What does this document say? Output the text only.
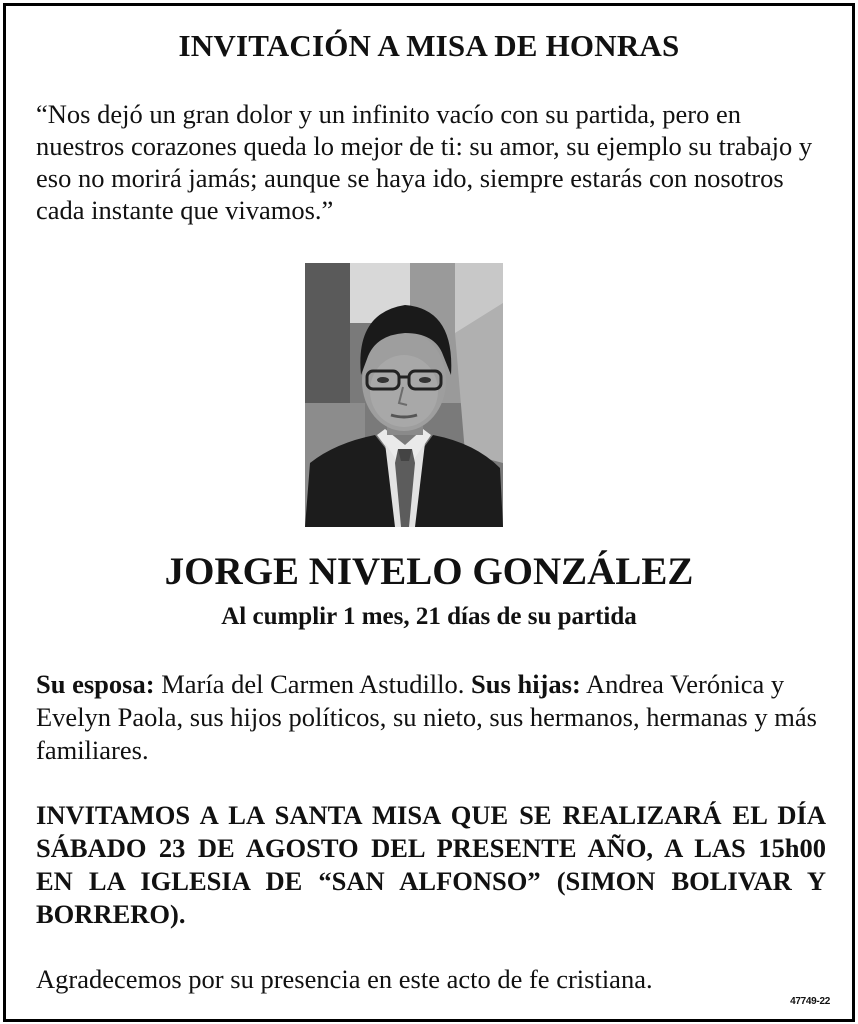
INVITACIÓN A MISA DE HONRAS

“Nos dejó un gran dolor y un infinito vacío con su partida, pero en nuestros corazones queda lo mejor de ti: su amor, su ejemplo su trabajo y eso no morirá jamás; aunque se haya ido, siempre estarás con nosotros cada instante que vivamos.”

JORGE NIVELO GONZÁLEZ
Al cumplir 1 mes, 21 días de su partida

Su esposa: María del Carmen Astudillo. Sus hijas: Andrea Verónica y Evelyn Paola, sus hijos políticos, su nieto, sus hermanos, hermanas y más familiares.

INVITAMOS A LA SANTA MISA QUE SE REALIZARÁ EL DÍA SÁBADO 23 DE AGOSTO DEL PRESENTE AÑO, A LAS 15h00 EN LA IGLESIA DE “SAN ALFONSO” (SIMON BOLIVAR Y BORRERO).

Agradecemos por su presencia en este acto de fe cristiana.

47749-22
